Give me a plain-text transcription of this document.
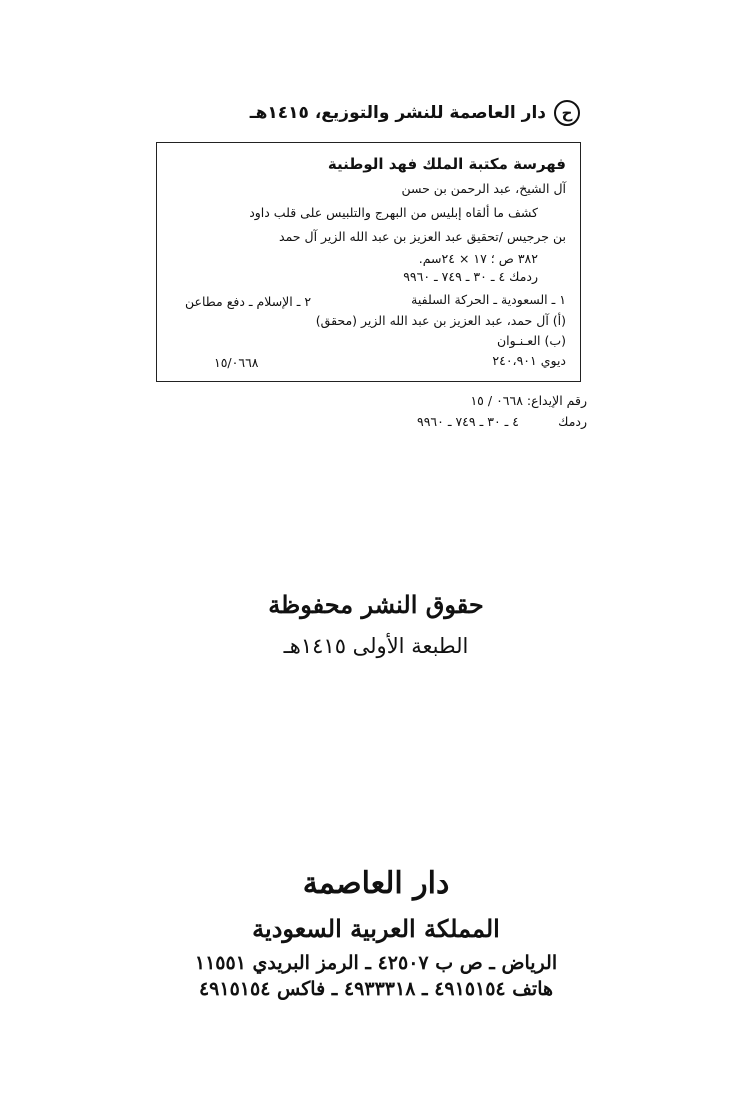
ح
دار العاصمة للنشر والتوزيع، ١٤١٥هـ
فهرسة مكتبة الملك فهد الوطنية
آل الشيخ، عبد الرحمن بن حسن
كشف ما ألقاه إبليس من البهرج والتلبيس على قلب داود
بن جرجيس /تحقيق عبد العزيز بن عبد الله الزير آل حمد
٣٨٢ ص ؛ ١٧ × ٢٤سم.
ردمك ٤ ـ ٣٠ ـ ٧٤٩ ـ ٩٩٦٠
١ ـ السعودية ـ الحركة السلفية
٢ ـ الإسلام ـ دفع مطاعن
(أ) آل حمد، عبد العزيز بن عبد الله الزير (محقق)
(ب) العـنـوان
ديوي ٢٤٠،٩٠١
١٥/٠٦٦٨
رقم الإيداع: ٠٦٦٨ / ١٥
ردمك
٤ ـ ٣٠ ـ ٧٤٩ ـ ٩٩٦٠
حقوق النشر محفوظة
الطبعة الأولى ١٤١٥هـ
دار العاصمة
المملكة العربية السعودية
الرياض ـ ص ب ٤٢٥٠٧ ـ الرمز البريدي ١١٥٥١
هاتف ٤٩١٥١٥٤ ـ ٤٩٣٣٣١٨ ـ فاكس ٤٩١٥١٥٤
